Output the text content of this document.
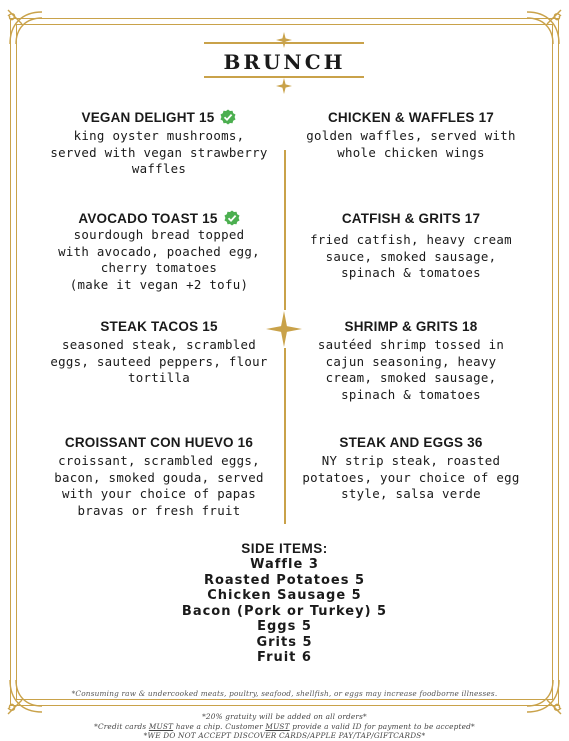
BRUNCH
VEGAN DELIGHT 15
king oyster mushrooms,
served with vegan strawberry
waffles
AVOCADO TOAST 15
sourdough bread topped
with avocado, poached egg,
cherry tomatoes
(make it vegan +2 tofu)
STEAK TACOS 15
seasoned steak, scrambled
eggs, sauteed peppers, flour
tortilla
CROISSANT CON HUEVO 16
croissant, scrambled eggs,
bacon, smoked gouda, served
with your choice of papas
bravas or fresh fruit
CHICKEN & WAFFLES 17
golden waffles, served with
whole chicken wings
CATFISH & GRITS 17
fried catfish, heavy cream
sauce, smoked sausage,
spinach & tomatoes
SHRIMP & GRITS 18
sautéed shrimp tossed in
cajun seasoning, heavy
cream, smoked sausage,
spinach & tomatoes
STEAK AND EGGS 36
NY strip steak, roasted
potatoes, your choice of egg
style, salsa verde
SIDE ITEMS:
Waffle 3
Roasted Potatoes 5
Chicken Sausage 5
Bacon (Pork or Turkey) 5
Eggs 5
Grits 5
Fruit 6
*Consuming raw & undercooked meats, poultry, seafood, shellfish, or eggs may increase foodborne illnesses.
*20% gratuity will be added on all orders*
*Credit cards MUST have a chip. Customer MUST provide a valid ID for payment to be accepted*
*WE DO NOT ACCEPT DISCOVER CARDS/APPLE PAY/TAP/GIFTCARDS*
